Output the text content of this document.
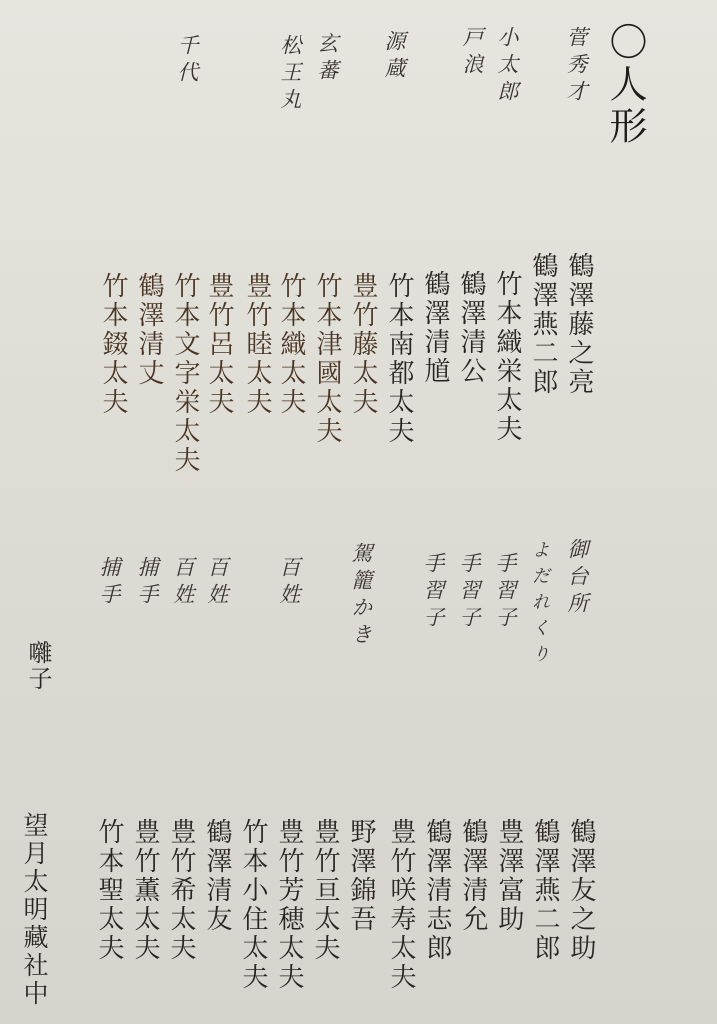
〇人形
菅秀才
小太郎
戸浪
源蔵
玄蕃
松王丸
千代
鶴澤藤之亮
鶴澤燕二郎
竹本織栄太夫
鶴澤清公
鶴澤清馗
竹本南都太夫
豊竹藤太夫
竹本津國太夫
竹本織太夫
豊竹睦太夫
豊竹呂太夫
竹本文字栄太夫
鶴澤清丈
竹本錣太夫
御台所
よだれくり
手習子
手習子
手習子
駕籠かき
百姓
百姓
百姓
捕手
捕手
囃子
鶴澤友之助
鶴澤燕二郎
豊澤富助
鶴澤清允
鶴澤清志郎
豊竹咲寿太夫
野澤錦吾
豊竹亘太夫
豊竹芳穂太夫
竹本小住太夫
鶴澤清友
豊竹希太夫
豊竹薫太夫
竹本聖太夫
望月太明藏社中
